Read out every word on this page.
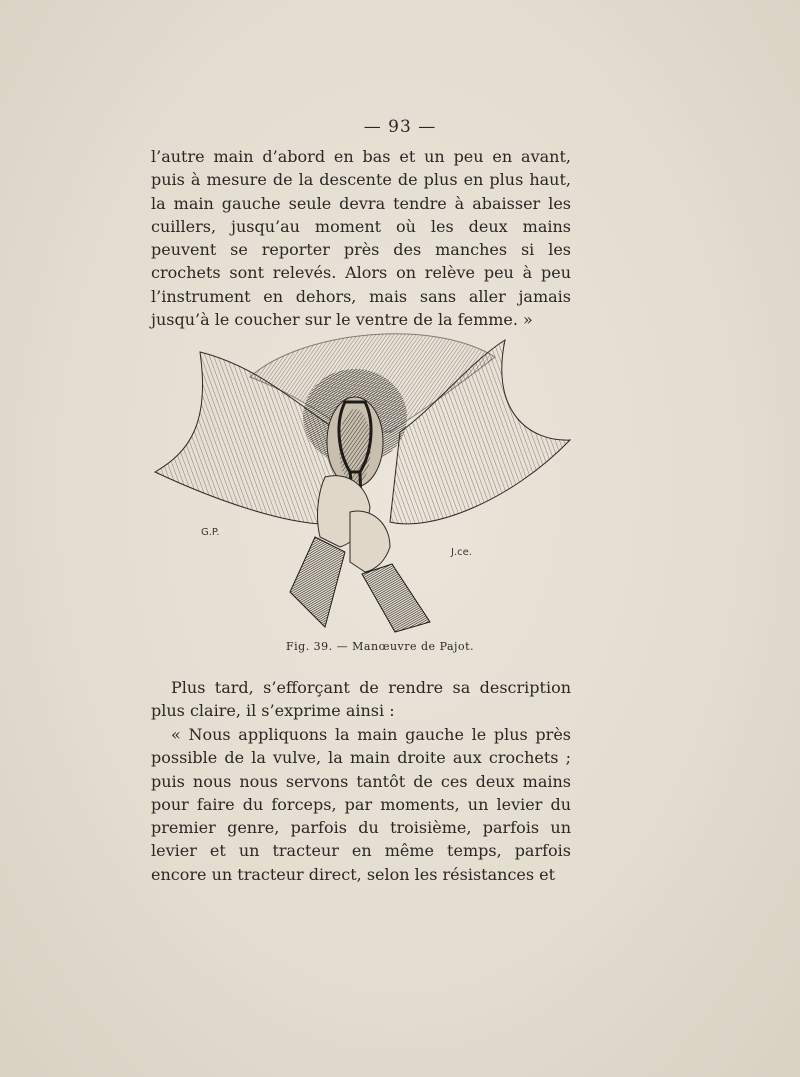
— 93 —

l’autre main d’abord en bas et un peu en avant, puis à mesure de la descente de plus en plus haut, la main gauche seule devra tendre à abaisser les cuillers, jusqu’au moment où les deux mains peuvent se reporter près des manches si les crochets sont relevés. Alors on relève peu à peu l’instrument en dehors, mais sans aller jamais jusqu’à le coucher sur le ventre de la femme. »

G.P.
J.ce.
Fig. 39. — Manœuvre de Pajot.

Plus tard, s’efforçant de rendre sa description plus claire, il s’exprime ainsi :

« Nous appliquons la main gauche le plus près possible de la vulve, la main droite aux crochets ; puis nous nous servons tantôt de ces deux mains pour faire du forceps, par moments, un levier du premier genre, parfois du troisième, parfois un levier et un tracteur en même temps, parfois encore un tracteur direct, selon les résistances et
